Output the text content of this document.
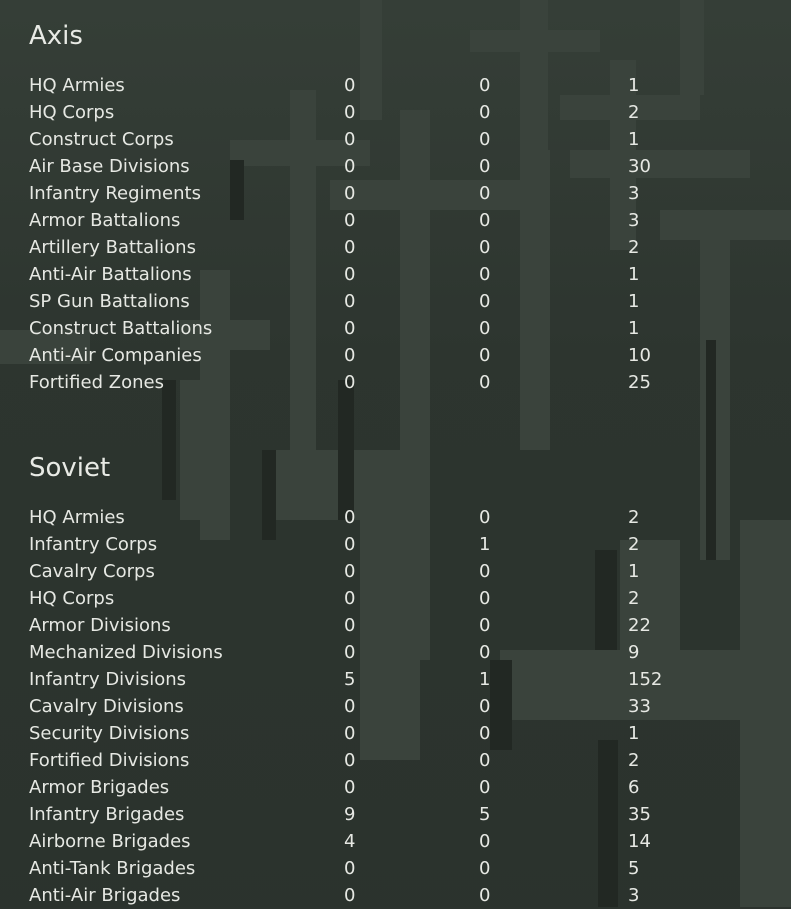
Axis
HQ Armies	0	0	1
HQ Corps	0	0	2
Construct Corps	0	0	1
Air Base Divisions	0	0	30
Infantry Regiments	0	0	3
Armor Battalions	0	0	3
Artillery Battalions	0	0	2
Anti-Air Battalions	0	0	1
SP Gun Battalions	0	0	1
Construct Battalions	0	0	1
Anti-Air Companies	0	0	10
Fortified Zones	0	0	25
Soviet
HQ Armies	0	0	2
Infantry Corps	0	1	2
Cavalry Corps	0	0	1
HQ Corps	0	0	2
Armor Divisions	0	0	22
Mechanized Divisions	0	0	9
Infantry Divisions	5	1	152
Cavalry Divisions	0	0	33
Security Divisions	0	0	1
Fortified Divisions	0	0	2
Armor Brigades	0	0	6
Infantry Brigades	9	5	35
Airborne Brigades	4	0	14
Anti-Tank Brigades	0	0	5
Anti-Air Brigades	0	0	3
